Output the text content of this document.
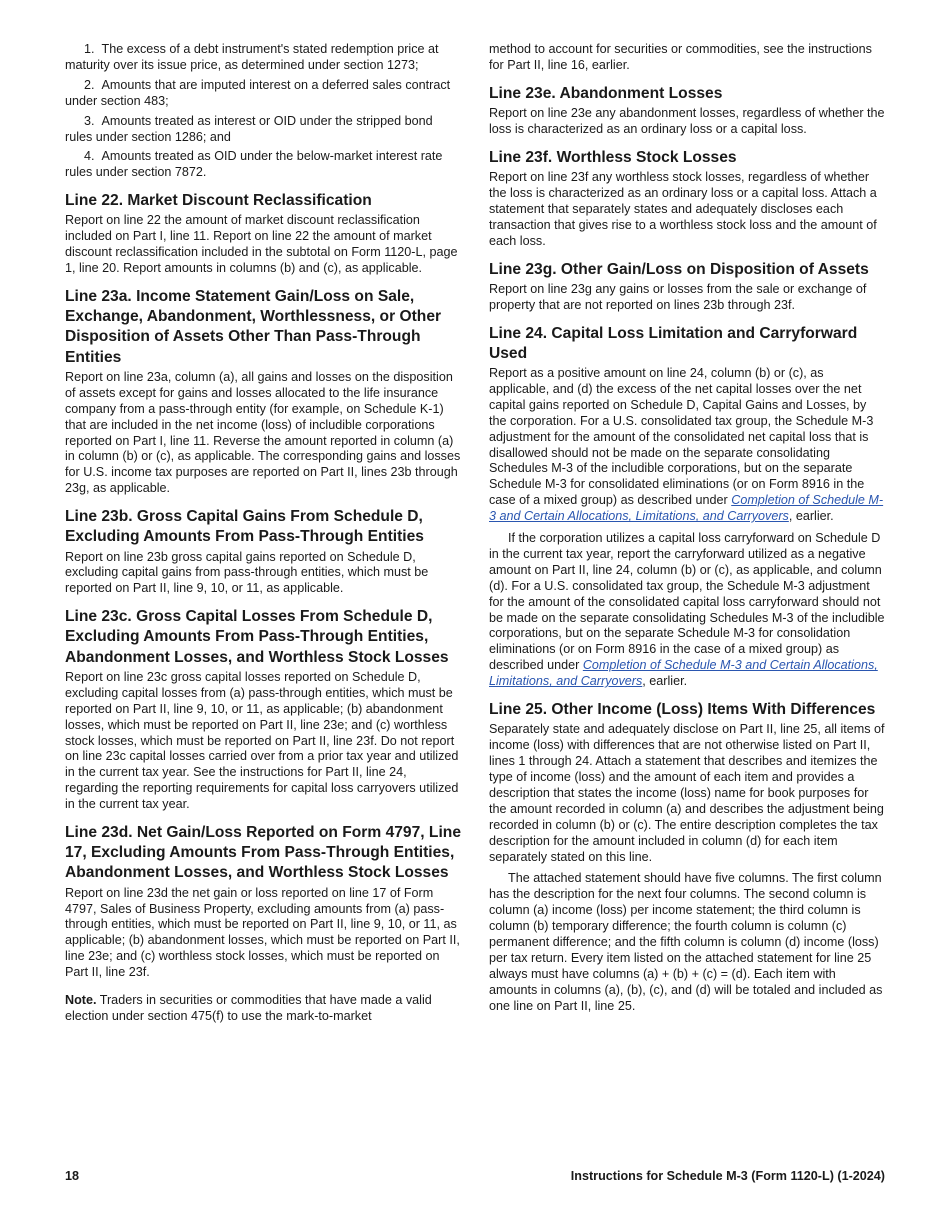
1.  The excess of a debt instrument's stated redemption price at maturity over its issue price, as determined under section 1273;

2.  Amounts that are imputed interest on a deferred sales contract under section 483;

3.  Amounts treated as interest or OID under the stripped bond rules under section 1286; and

4.  Amounts treated as OID under the below-market interest rate rules under section 7872.

Line 22. Market Discount Reclassification

Report on line 22 the amount of market discount reclassification included on Part I, line 11. Report on line 22 the amount of market discount reclassification included in the subtotal on Form 1120-L, page 1, line 20. Report amounts in columns (b) and (c), as applicable.

Line 23a. Income Statement Gain/Loss on Sale, Exchange, Abandonment, Worthlessness, or Other Disposition of Assets Other Than Pass-Through Entities

Report on line 23a, column (a), all gains and losses on the disposition of assets except for gains and losses allocated to the life insurance company from a pass-through entity (for example, on Schedule K-1) that are included in the net income (loss) of includible corporations reported on Part I, line 11. Reverse the amount reported in column (a) in column (b) or (c), as applicable. The corresponding gains and losses for U.S. income tax purposes are reported on Part II, lines 23b through 23g, as applicable.

Line 23b. Gross Capital Gains From Schedule D, Excluding Amounts From Pass-Through Entities

Report on line 23b gross capital gains reported on Schedule D, excluding capital gains from pass-through entities, which must be reported on Part II, line 9, 10, or 11, as applicable.

Line 23c. Gross Capital Losses From Schedule D, Excluding Amounts From Pass-Through Entities, Abandonment Losses, and Worthless Stock Losses

Report on line 23c gross capital losses reported on Schedule D, excluding capital losses from (a) pass-through entities, which must be reported on Part II, line 9, 10, or 11, as applicable; (b) abandonment losses, which must be reported on Part II, line 23e; and (c) worthless stock losses, which must be reported on Part II, line 23f. Do not report on line 23c capital losses carried over from a prior tax year and utilized in the current tax year. See the instructions for Part II, line 24, regarding the reporting requirements for capital loss carryovers utilized in the current tax year.

Line 23d. Net Gain/Loss Reported on Form 4797, Line 17, Excluding Amounts From Pass-Through Entities, Abandonment Losses, and Worthless Stock Losses

Report on line 23d the net gain or loss reported on line 17 of Form 4797, Sales of Business Property, excluding amounts from (a) pass-through entities, which must be reported on Part II, line 9, 10, or 11, as applicable; (b) abandonment losses, which must be reported on Part II, line 23e; and (c) worthless stock losses, which must be reported on Part II, line 23f.

Note. Traders in securities or commodities that have made a valid election under section 475(f) to use the mark-to-market

method to account for securities or commodities, see the instructions for Part II, line 16, earlier.

Line 23e. Abandonment Losses

Report on line 23e any abandonment losses, regardless of whether the loss is characterized as an ordinary loss or a capital loss.

Line 23f. Worthless Stock Losses

Report on line 23f any worthless stock losses, regardless of whether the loss is characterized as an ordinary loss or a capital loss. Attach a statement that separately states and adequately discloses each transaction that gives rise to a worthless stock loss and the amount of each loss.

Line 23g. Other Gain/Loss on Disposition of Assets

Report on line 23g any gains or losses from the sale or exchange of property that are not reported on lines 23b through 23f.

Line 24. Capital Loss Limitation and Carryforward Used

Report as a positive amount on line 24, column (b) or (c), as applicable, and (d) the excess of the net capital losses over the net capital gains reported on Schedule D, Capital Gains and Losses, by the corporation. For a U.S. consolidated tax group, the Schedule M-3 adjustment for the amount of the consolidated net capital loss that is disallowed should not be made on the separate consolidating Schedules M-3 of the includible corporations, but on the separate Schedule M-3 for consolidated eliminations (or on Form 8916 in the case of a mixed group) as described under Completion of Schedule M-3 and Certain Allocations, Limitations, and Carryovers, earlier.

If the corporation utilizes a capital loss carryforward on Schedule D in the current tax year, report the carryforward utilized as a negative amount on Part II, line 24, column (b) or (c), as applicable, and column (d). For a U.S. consolidated tax group, the Schedule M-3 adjustment for the amount of the consolidated capital loss carryforward should not be made on the separate consolidating Schedules M-3 of the includible corporations, but on the separate Schedule M-3 for consolidation eliminations (or on Form 8916 in the case of a mixed group) as described under Completion of Schedule M-3 and Certain Allocations, Limitations, and Carryovers, earlier.

Line 25. Other Income (Loss) Items With Differences

Separately state and adequately disclose on Part II, line 25, all items of income (loss) with differences that are not otherwise listed on Part II, lines 1 through 24. Attach a statement that describes and itemizes the type of income (loss) and the amount of each item and provides a description that states the income (loss) name for book purposes for the amount recorded in column (a) and describes the adjustment being recorded in column (b) or (c). The entire description completes the tax description for the amount included in column (d) for each item separately stated on this line.

The attached statement should have five columns. The first column has the description for the next four columns. The second column is column (a) income (loss) per income statement; the third column is column (b) temporary difference; the fourth column is column (c) permanent difference; and the fifth column is column (d) income (loss) per tax return. Every item listed on the attached statement for line 25 always must have columns (a) + (b) + (c) = (d). Each item with amounts in columns (a), (b), (c), and (d) will be totaled and included as one line on Part II, line 25.

18	Instructions for Schedule M-3 (Form 1120-L) (1-2024)
